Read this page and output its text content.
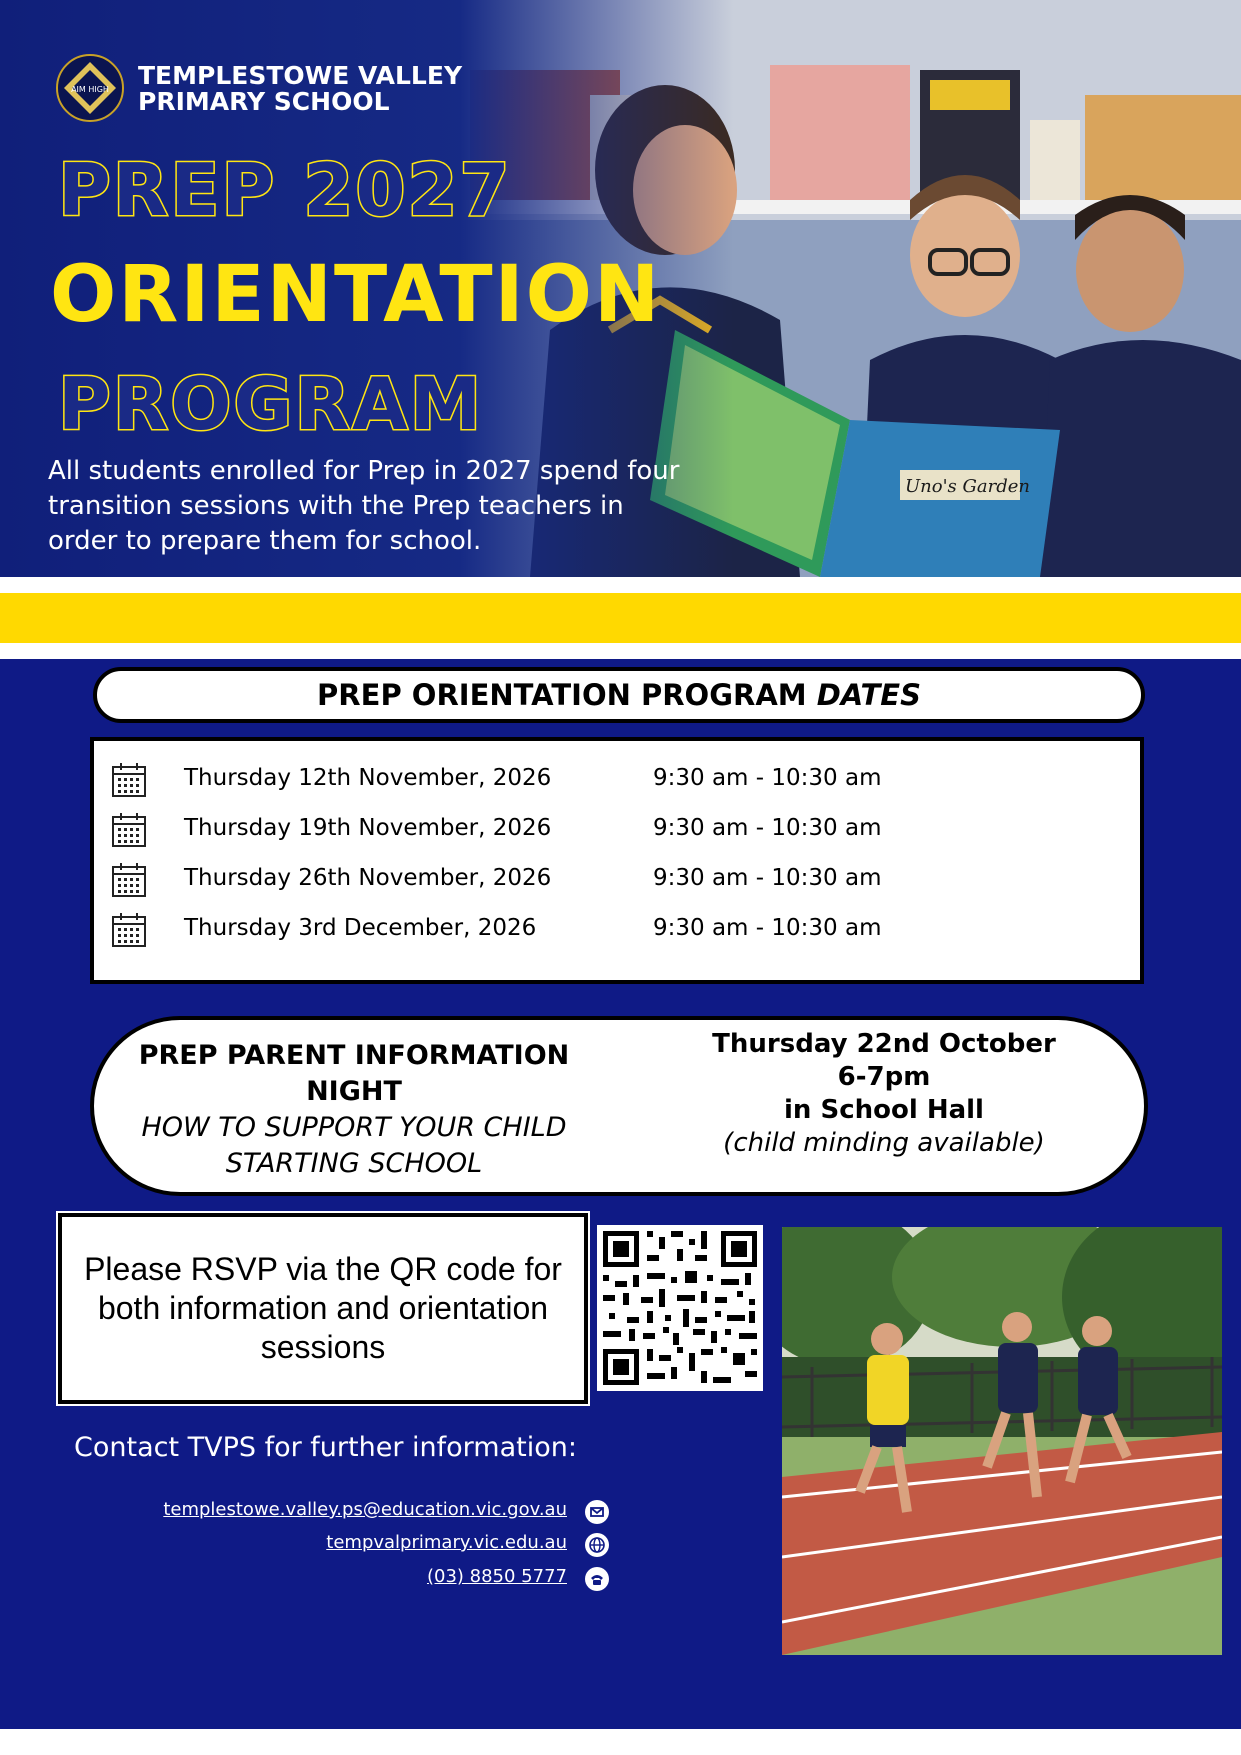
AIM HIGH TEMPLESTOWE VALLEY
PRIMARY SCHOOL
PREP 2027
ORIENTATION
PROGRAM
All students enrolled for Prep in 2027 spend four
transition sessions with the Prep teachers in
order to prepare them for school.
PREP ORIENTATION PROGRAM DATES
Thursday 12th November, 2026	9:30 am - 10:30 am
Thursday 19th November, 2026	9:30 am - 10:30 am
Thursday 26th November, 2026	9:30 am - 10:30 am
Thursday 3rd December, 2026	9:30 am - 10:30 am
PREP PARENT INFORMATION
NIGHT
HOW TO SUPPORT YOUR CHILD
STARTING SCHOOL
Thursday 22nd October
6-7pm
in School Hall
(child minding available)
Please RSVP via the QR code for both information and orientation sessions
Contact TVPS for further information:
templestowe.valley.ps@education.vic.gov.au
tempvalprimary.vic.edu.au
(03) 8850 5777
